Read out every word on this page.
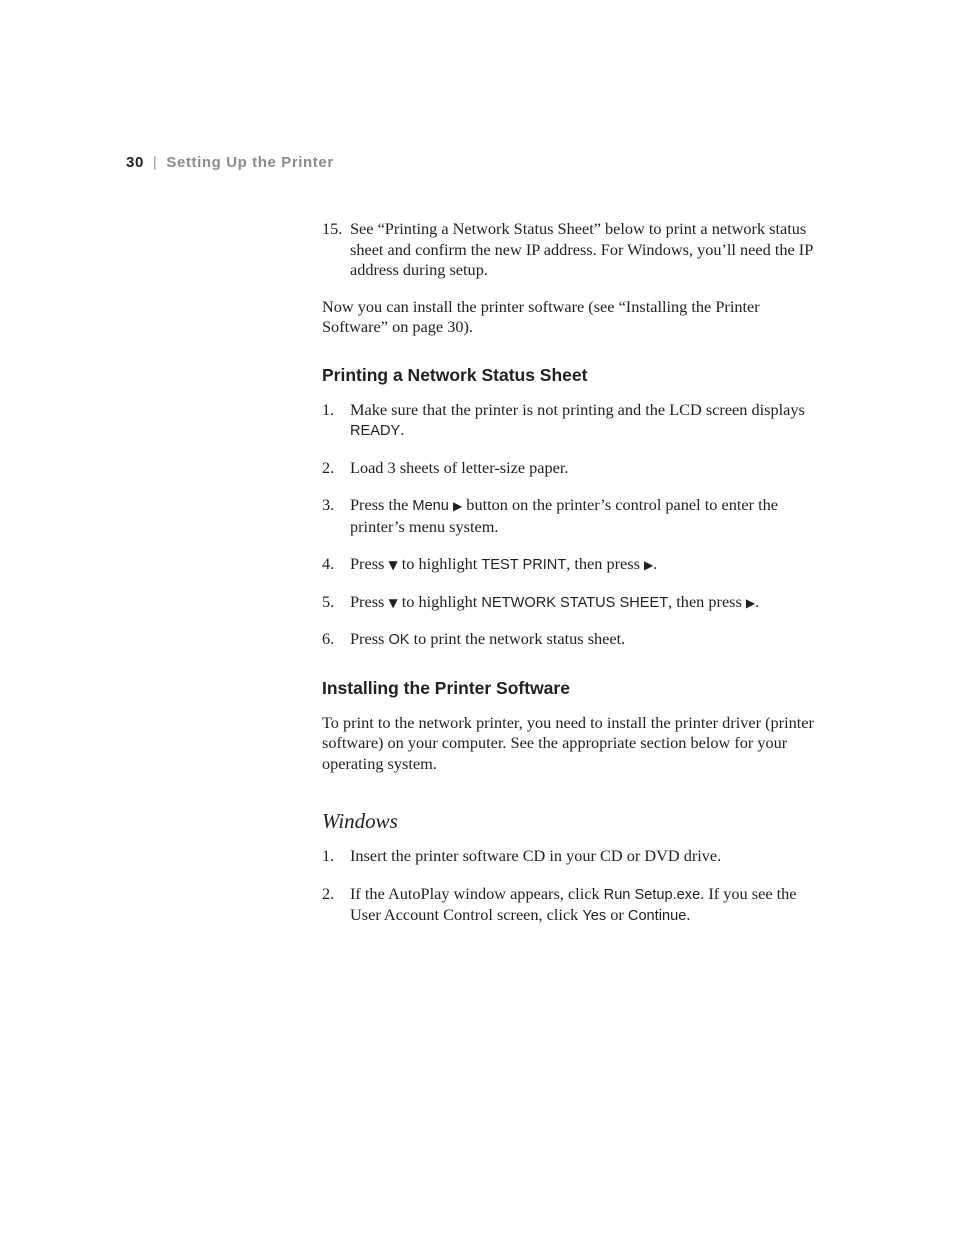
30 | Setting Up the Printer
15. See “Printing a Network Status Sheet” below to print a network status sheet and confirm the new IP address. For Windows, you’ll need the IP address during setup.
Now you can install the printer software (see “Installing the Printer Software” on page 30).
Printing a Network Status Sheet
1. Make sure that the printer is not printing and the LCD screen displays READY.
2. Load 3 sheets of letter-size paper.
3. Press the Menu ▶ button on the printer’s control panel to enter the printer’s menu system.
4. Press ▼ to highlight TEST PRINT, then press ▶.
5. Press ▼ to highlight NETWORK STATUS SHEET, then press ▶.
6. Press OK to print the network status sheet.
Installing the Printer Software
To print to the network printer, you need to install the printer driver (printer software) on your computer. See the appropriate section below for your operating system.
Windows
1. Insert the printer software CD in your CD or DVD drive.
2. If the AutoPlay window appears, click Run Setup.exe. If you see the User Account Control screen, click Yes or Continue.
